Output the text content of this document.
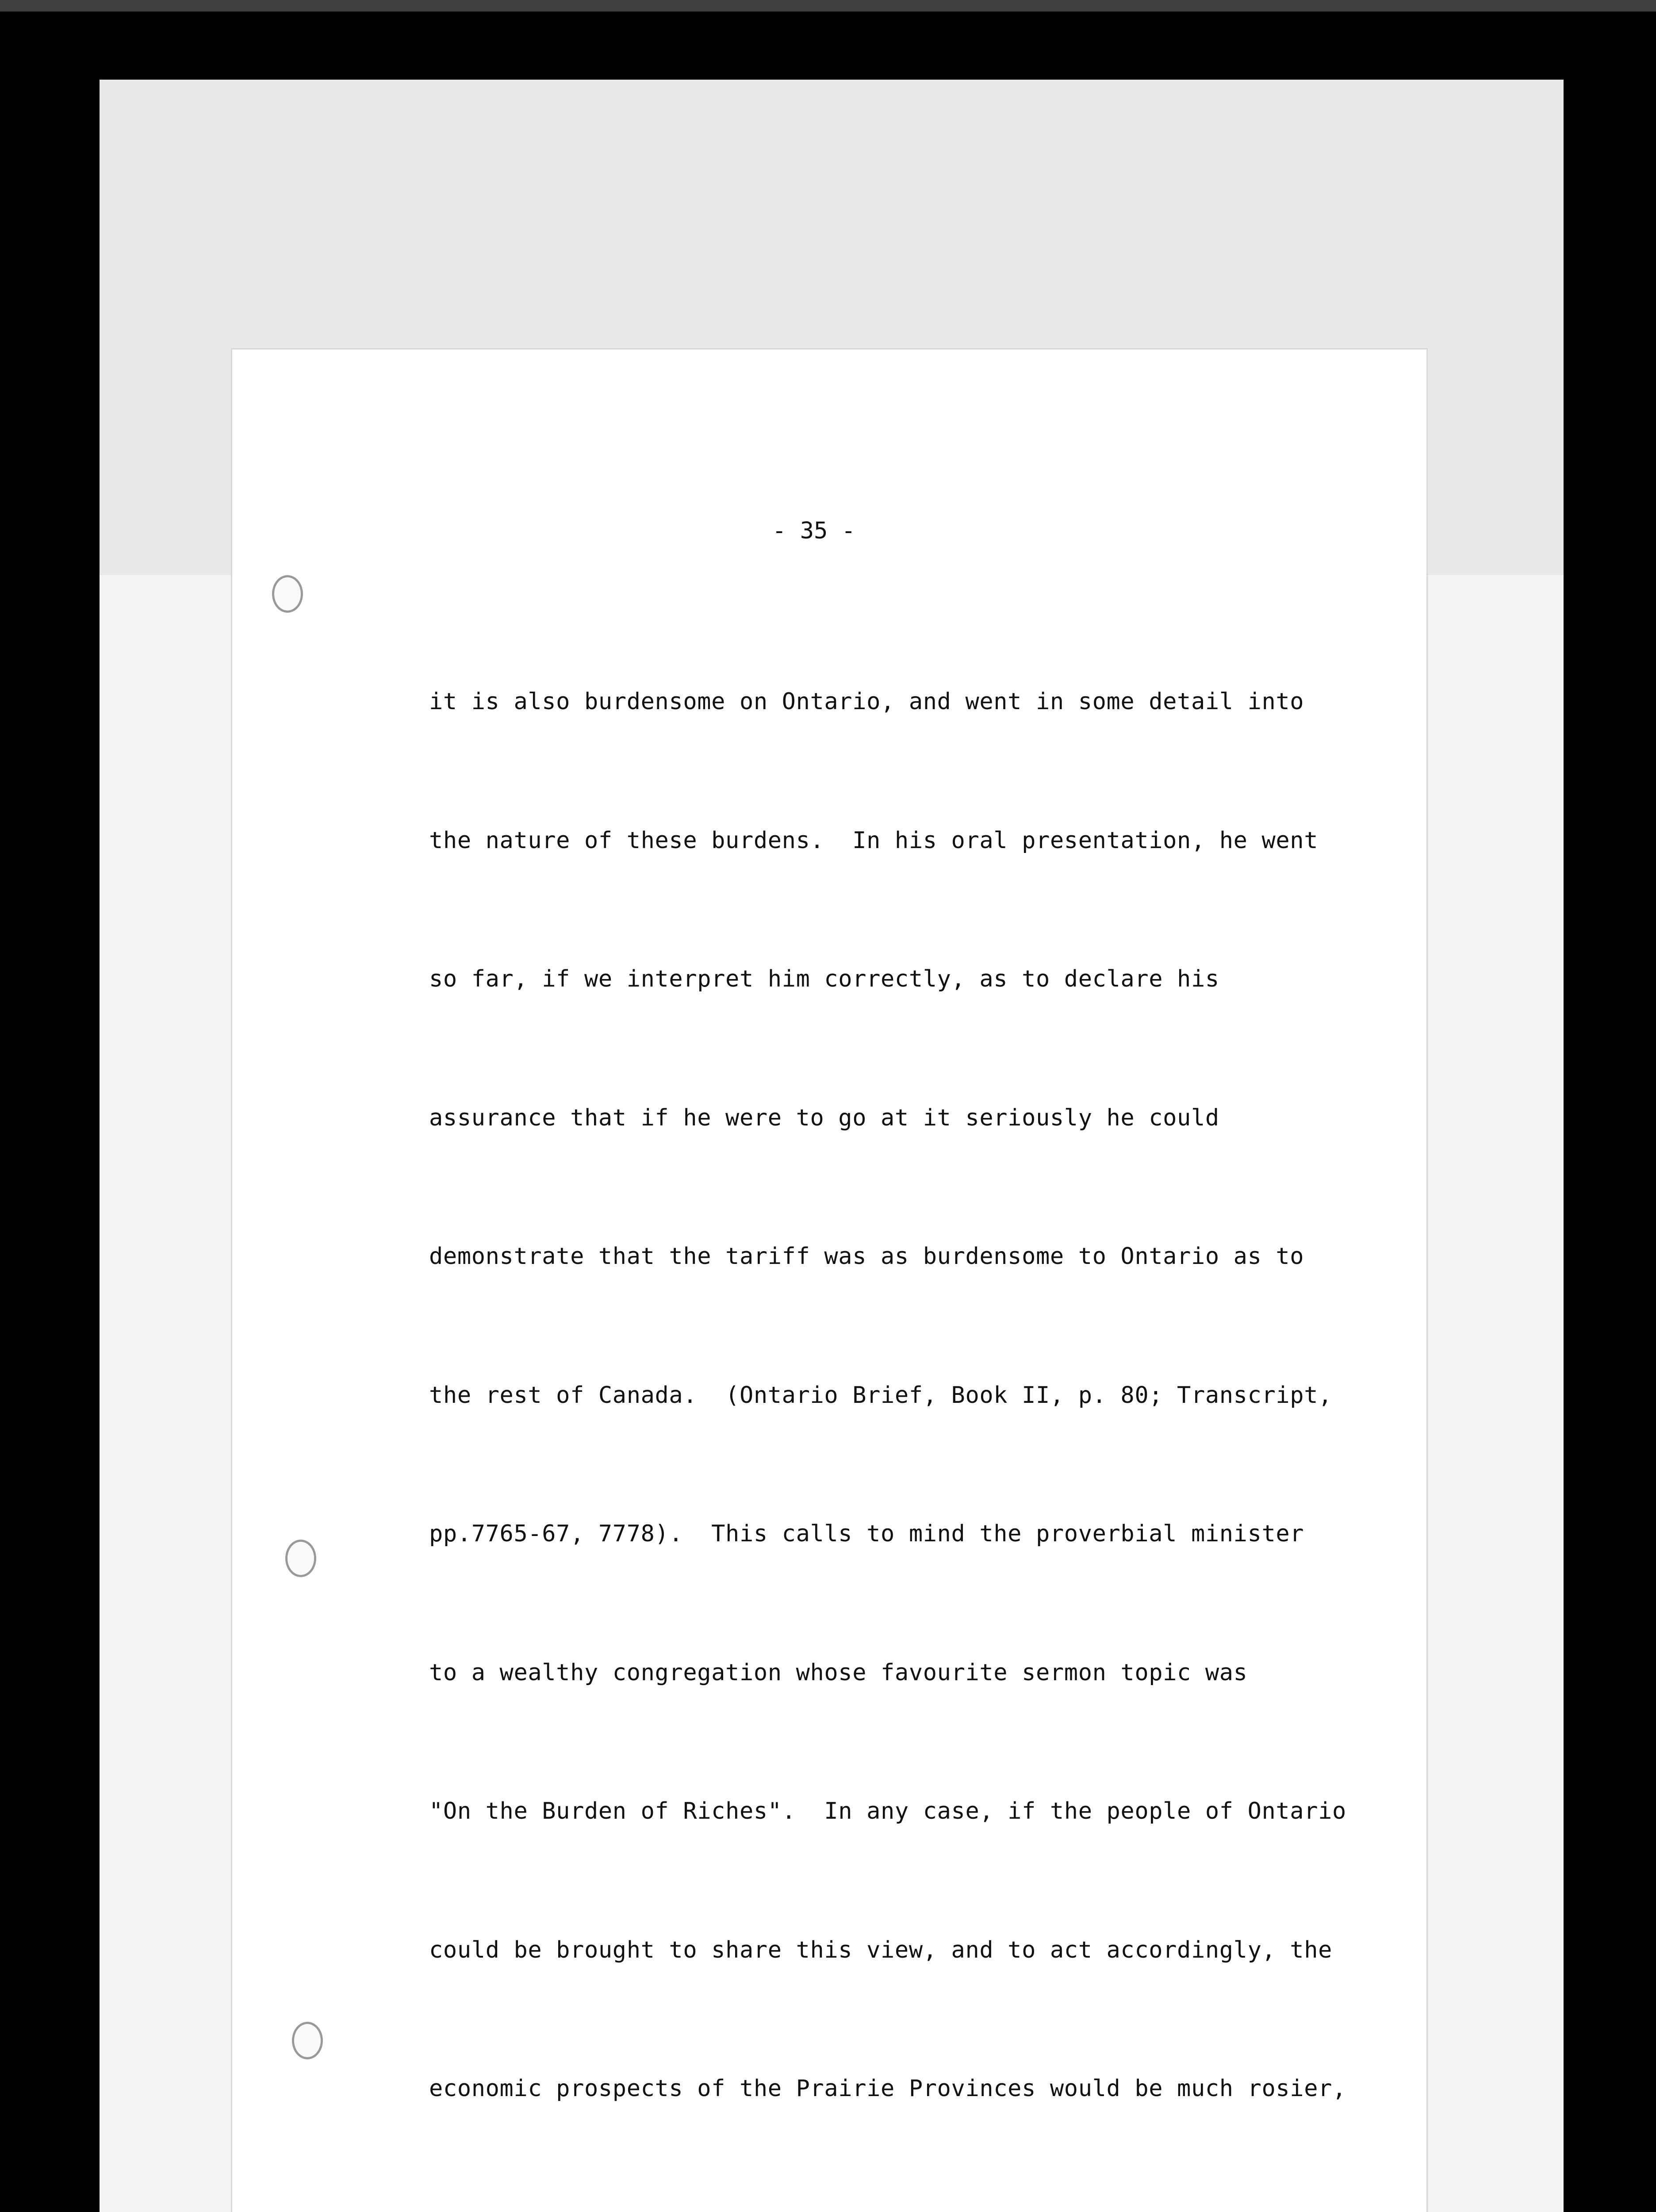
- 35 -

it is also burdensome on Ontario, and went in some detail into

the nature of these burdens.  In his oral presentation, he went

so far, if we interpret him correctly, as to declare his

assurance that if he were to go at it seriously he could

demonstrate that the tariff was as burdensome to Ontario as to

the rest of Canada.  (Ontario Brief, Book II, p. 80; Transcript,

pp.7765-67, 7778).  This calls to mind the proverbial minister

to a wealthy congregation whose favourite sermon topic was

"On the Burden of Riches".  In any case, if the people of Ontario

could be brought to share this view, and to act accordingly, the

economic prospects of the Prairie Provinces would be much rosier,
